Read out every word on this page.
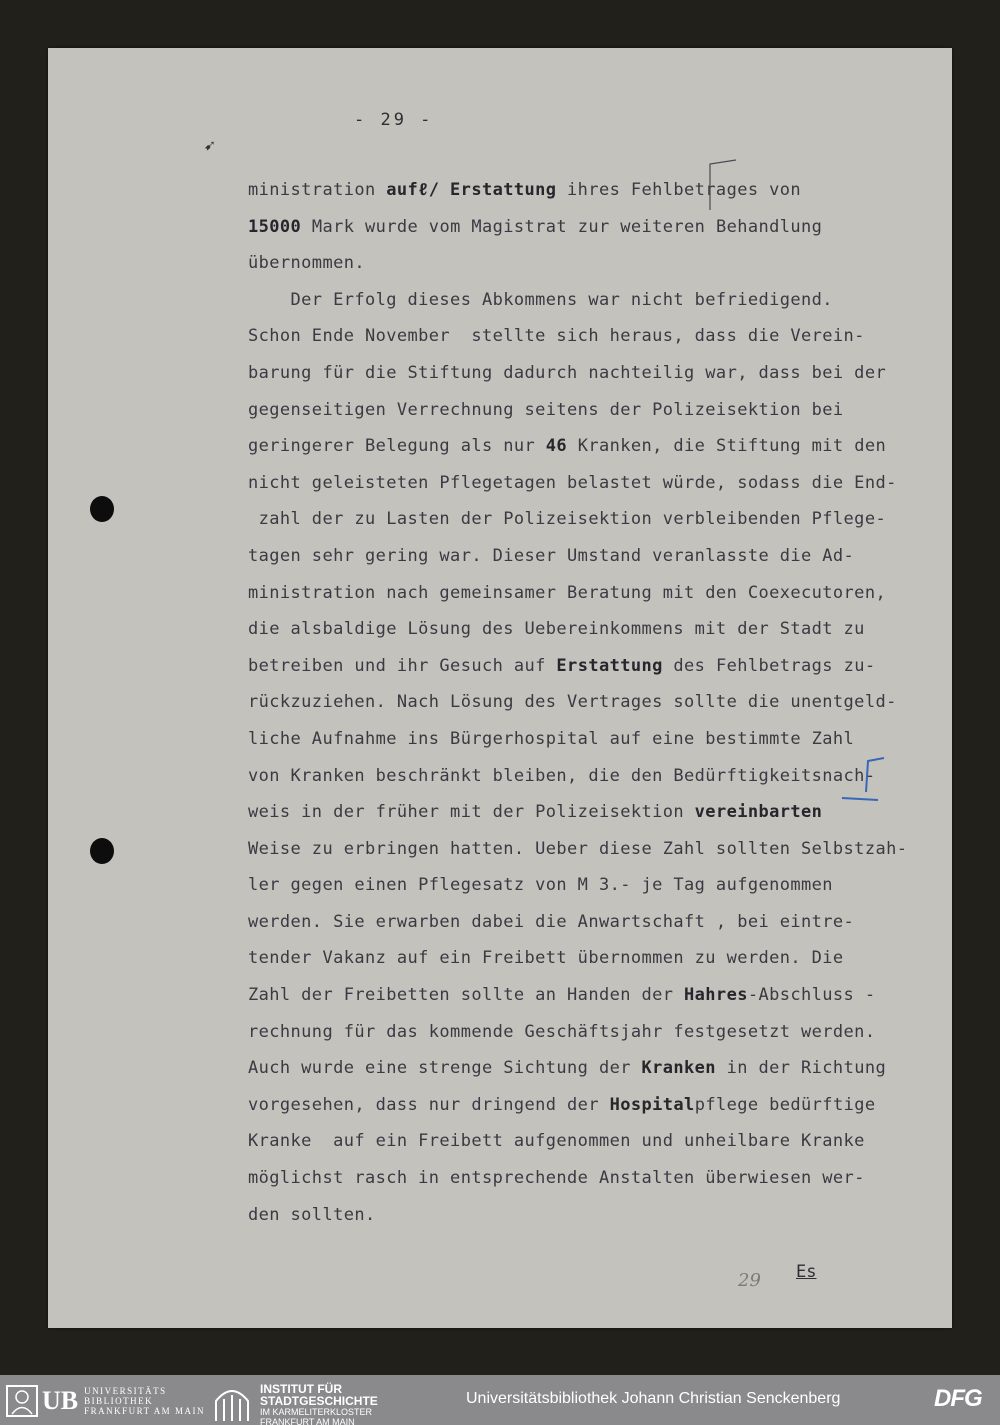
- 29 -
ministration aufℓ/ Erstattung ihres Fehlbetrages von
15000 Mark wurde vom Magistrat zur weiteren Behandlung
übernommen.
Der Erfolg dieses Abkommens war nicht befriedigend.
Schon Ende November  stellte sich heraus, dass die Verein-
barung für die Stiftung dadurch nachteilig war, dass bei der
gegenseitigen Verrechnung seitens der Polizeisektion bei
geringerer Belegung als nur 46 Kranken, die Stiftung mit den
nicht geleisteten Pflegetagen belastet würde, sodass die End-
zahl der zu Lasten der Polizeisektion verbleibenden Pflege-
tagen sehr gering war. Dieser Umstand veranlasste die Ad-
ministration nach gemeinsamer Beratung mit den Coexecutoren,
die alsbaldige Lösung des Uebereinkommens mit der Stadt zu
betreiben und ihr Gesuch auf Erstattung des Fehlbetrags zu-
rückzuziehen. Nach Lösung des Vertrages sollte die unentgeld-
liche Aufnahme ins Bürgerhospital auf eine bestimmte Zahl
von Kranken beschränkt bleiben, die den Bedürftigkeitsnach-
weis in der früher mit der Polizeisektion vereinbarten
Weise zu erbringen hatten. Ueber diese Zahl sollten Selbstzah-
ler gegen einen Pflegesatz von M 3.- je Tag aufgenommen
werden. Sie erwarben dabei die Anwartschaft , bei eintre-
tender Vakanz auf ein Freibett übernommen zu werden. Die
Zahl der Freibetten sollte an Handen der Hahres-Abschluss -
rechnung für das kommende Geschäftsjahr festgesetzt werden.
Auch wurde eine strenge Sichtung der Kranken in der Richtung
vorgesehen, dass nur dringend der Hospitalpflege bedürftige
Kranke  auf ein Freibett aufgenommen und unheilbare Kranke
möglichst rasch in entsprechende Anstalten überwiesen wer-
den sollten.
➹
29 Es
UB UNIVERSITÄTS
BIBLIOTHEK
FRANKFURT AM MAIN
INSTITUT FÜR
STADTGESCHICHTE
IM KARMELITERKLOSTER
FRANKFURT AM MAIN
Universitätsbibliothek Johann Christian Senckenberg	DFG
